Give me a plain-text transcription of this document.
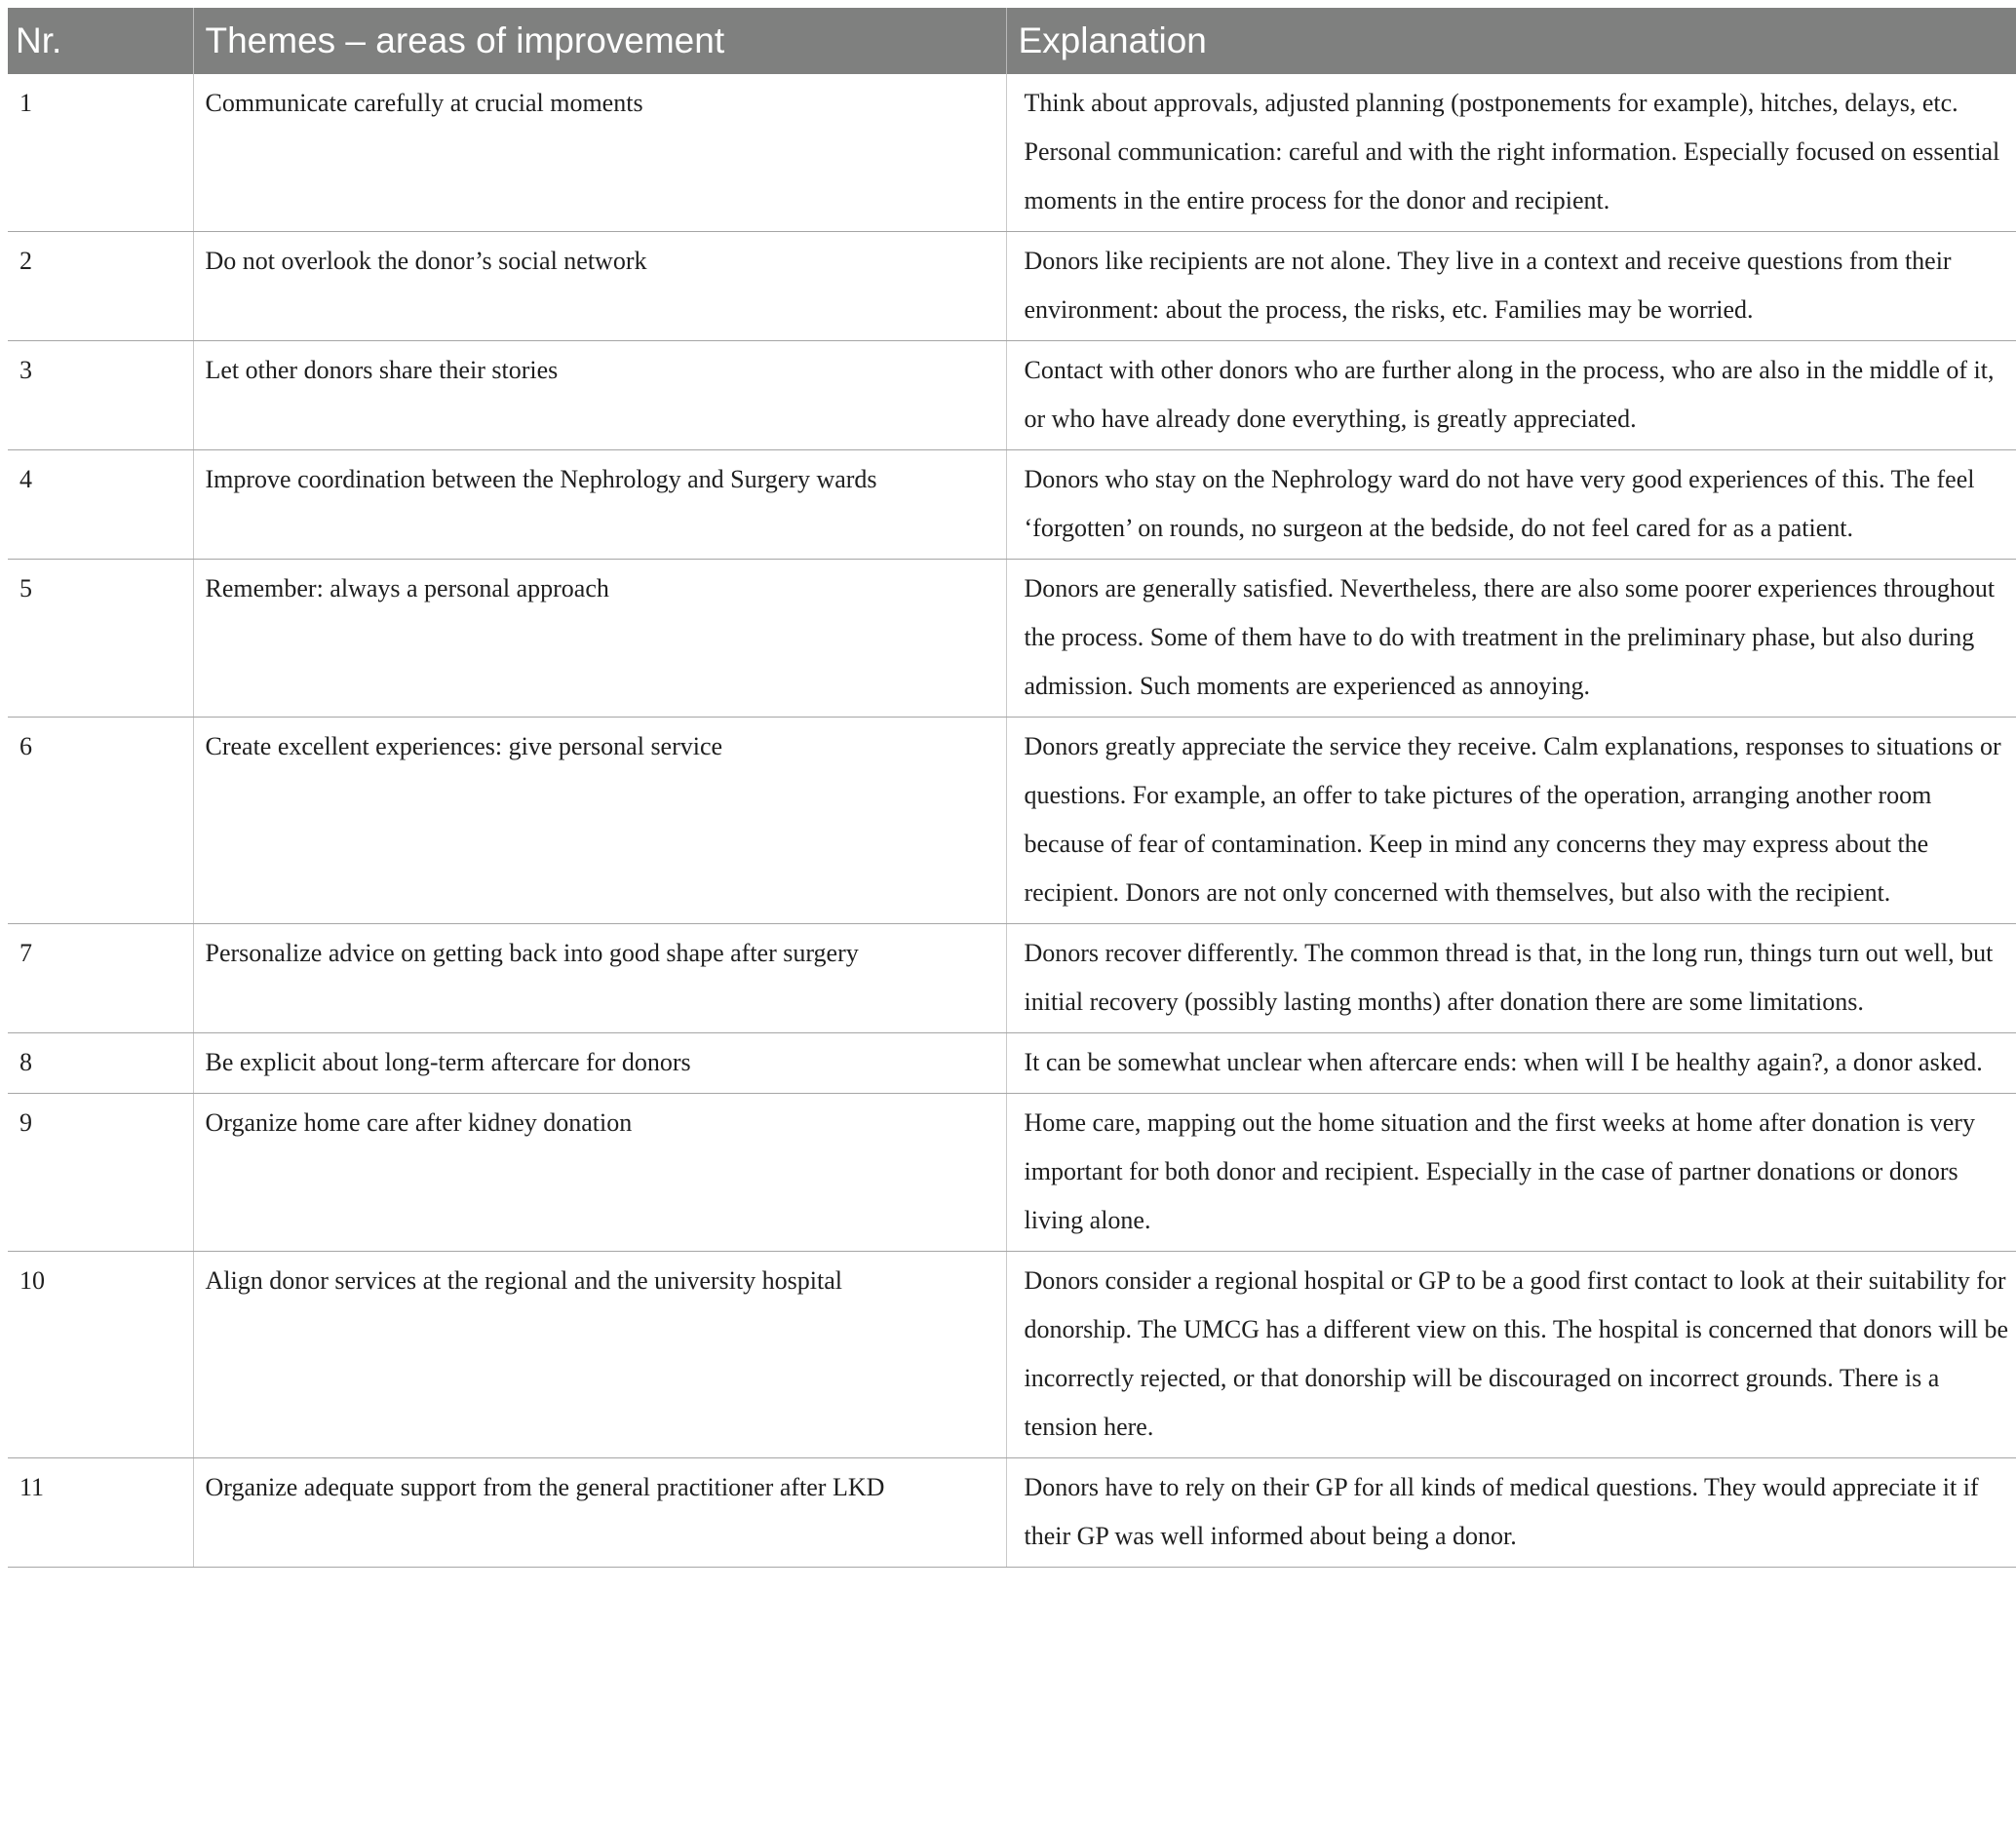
Nr.	Themes – areas of improvement	Explanation
1	Communicate carefully at crucial moments	Think about approvals, adjusted planning (postponements for example), hitches, delays, etc. Personal communication: careful and with the right information. Especially focused on essential moments in the entire process for the donor and recipient.
2	Do not overlook the donor’s social network	Donors like recipients are not alone. They live in a context and receive questions from their environment: about the process, the risks, etc. Families may be worried.
3	Let other donors share their stories	Contact with other donors who are further along in the process, who are also in the middle of it, or who have already done everything, is greatly appreciated.
4	Improve coordination between the Nephrology and Surgery wards	Donors who stay on the Nephrology ward do not have very good experiences of this. The feel ‘forgotten’ on rounds, no surgeon at the bedside, do not feel cared for as a patient.
5	Remember: always a personal approach	Donors are generally satisfied. Nevertheless, there are also some poorer experiences throughout the process. Some of them have to do with treatment in the preliminary phase, but also during admission. Such moments are experienced as annoying.
6	Create excellent experiences: give personal service	Donors greatly appreciate the service they receive. Calm explanations, responses to situations or questions. For example, an offer to take pictures of the operation, arranging another room because of fear of contamination. Keep in mind any concerns they may express about the recipient. Donors are not only concerned with themselves, but also with the recipient.
7	Personalize advice on getting back into good shape after surgery	Donors recover differently. The common thread is that, in the long run, things turn out well, but initial recovery (possibly lasting months) after donation there are some limitations.
8	Be explicit about long-term aftercare for donors	It can be somewhat unclear when aftercare ends: when will I be healthy again?, a donor asked.
9	Organize home care after kidney donation	Home care, mapping out the home situation and the first weeks at home after donation is very important for both donor and recipient. Especially in the case of partner donations or donors living alone.
10	Align donor services at the regional and the university hospital	Donors consider a regional hospital or GP to be a good first contact to look at their suitability for donorship. The UMCG has a different view on this. The hospital is concerned that donors will be incorrectly rejected, or that donorship will be discouraged on incorrect grounds. There is a tension here.
11	Organize adequate support from the general practitioner after LKD	Donors have to rely on their GP for all kinds of medical questions. They would appreciate it if their GP was well informed about being a donor.
